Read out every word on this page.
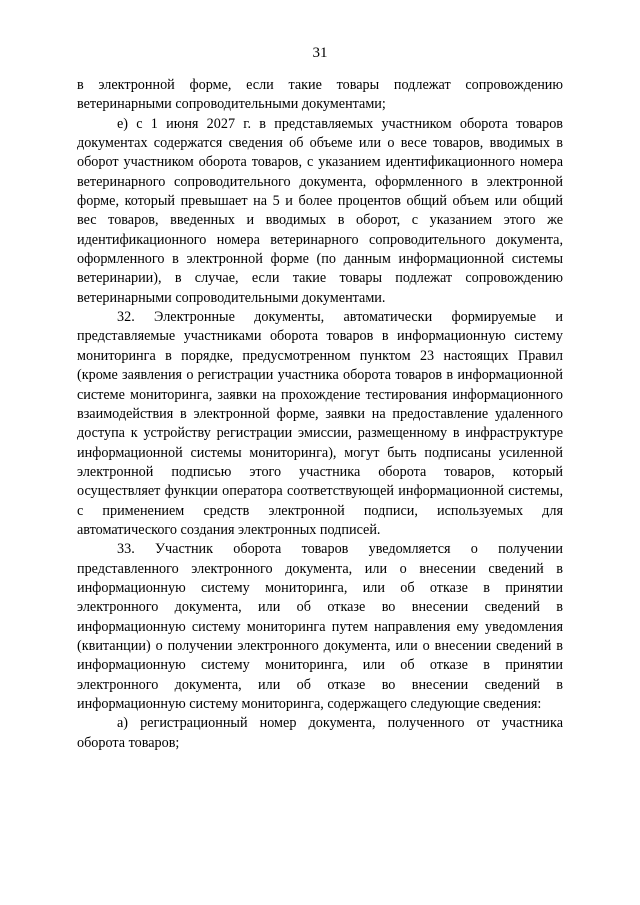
31

в электронной форме, если такие товары подлежат сопровождению ветеринарными сопроводительными документами;

е) с 1 июня 2027 г. в представляемых участником оборота товаров документах содержатся сведения об объеме или о весе товаров, вводимых в оборот участником оборота товаров, с указанием идентификационного номера ветеринарного сопроводительного документа, оформленного в электронной форме, который превышает на 5 и более процентов общий объем или общий вес товаров, введенных и вводимых в оборот, с указанием этого же идентификационного номера ветеринарного сопроводительного документа, оформленного в электронной форме (по данным информационной системы ветеринарии), в случае, если такие товары подлежат сопровождению ветеринарными сопроводительными документами.

32. Электронные документы, автоматически формируемые и представляемые участниками оборота товаров в информационную систему мониторинга в порядке, предусмотренном пунктом 23 настоящих Правил (кроме заявления о регистрации участника оборота товаров в информационной системе мониторинга, заявки на прохождение тестирования информационного взаимодействия в электронной форме, заявки на предоставление удаленного доступа к устройству регистрации эмиссии, размещенному в инфраструктуре информационной системы мониторинга), могут быть подписаны усиленной электронной подписью этого участника оборота товаров, который осуществляет функции оператора соответствующей информационной системы, с применением средств электронной подписи, используемых для автоматического создания электронных подписей.

33. Участник оборота товаров уведомляется о получении представленного электронного документа, или о внесении сведений в информационную систему мониторинга, или об отказе в принятии электронного документа, или об отказе во внесении сведений в информационную систему мониторинга путем направления ему уведомления (квитанции) о получении электронного документа, или о внесении сведений в информационную систему мониторинга, или об отказе в принятии электронного документа, или об отказе во внесении сведений в информационную систему мониторинга, содержащего следующие сведения:

а) регистрационный номер документа, полученного от участника оборота товаров;
